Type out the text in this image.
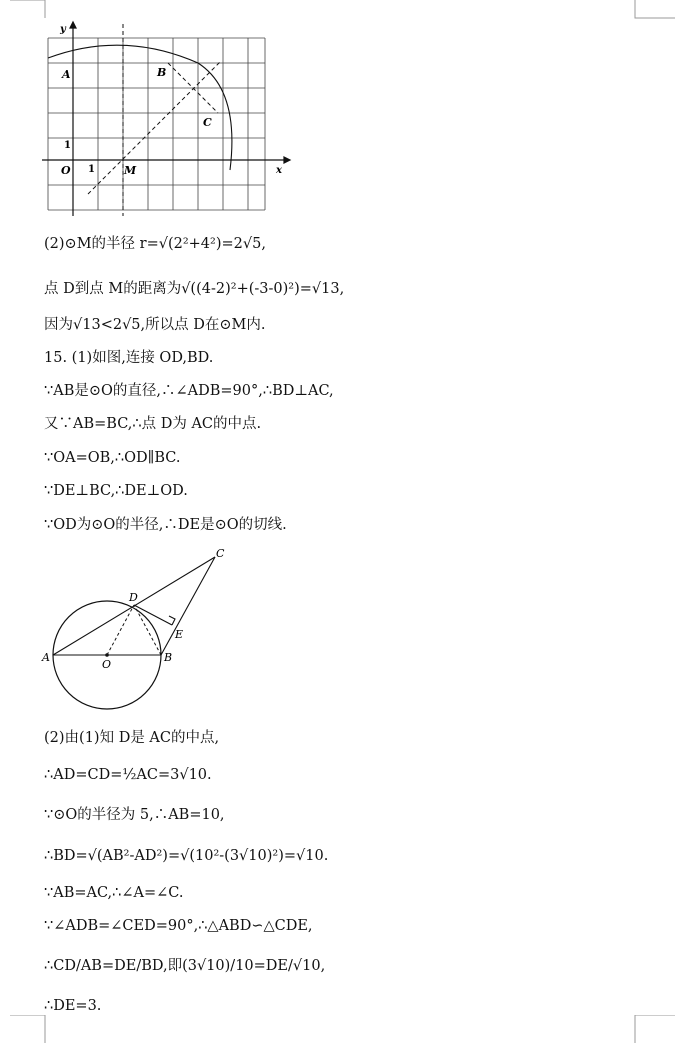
y
x
O 1
1
A	B
C
M
(2)⊙M的半径 r=√(2²+4²)=2√5,
点 D到点 M的距离为√((4-2)²+(-3-0)²)=√13,
因为√13<2√5,所以点 D在⊙M内.
15. (1)如图,连接 OD,BD.
∵AB是⊙O的直径,∴∠ADB=90°,∴BD⊥AC,
又∵AB=BC,∴点 D为 AC的中点.
∵OA=OB,∴OD∥BC.
∵DE⊥BC,∴DE⊥OD.
∵OD为⊙O的半径,∴DE是⊙O的切线.
A	B
C
D
E
O
(2)由(1)知 D是 AC的中点,
∴AD=CD=½AC=3√10.
∵⊙O的半径为 5,∴AB=10,
∴BD=√(AB²-AD²)=√(10²-(3√10)²)=√10.
∵AB=AC,∴∠A=∠C.
∵∠ADB=∠CED=90°,∴△ABD∽△CDE,
∴CD/AB=DE/BD,即(3√10)/10=DE/√10,
∴DE=3.
